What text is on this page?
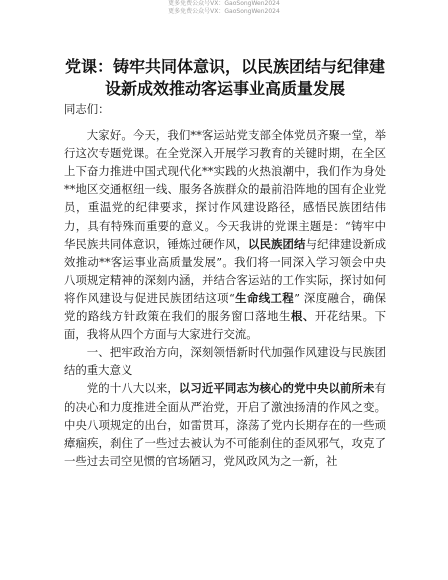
更多免费公众号VX：GaoSongWen2024
更多免费公众号VX：GaoSongWen2024
党课：铸牢共同体意识，以民族团结与纪律建
设新成效推动客运事业高质量发展

同志们：

大家好。今天，我们**客运站党支部全体党员齐聚一堂，举行这次专题党课。在全党深入开展学习教育的关键时期，在全区上下奋力推进中国式现代化**实践的火热浪潮中，我们作为身处**地区交通枢纽一线、服务各族群众的最前沿阵地的国有企业党员，重温党的纪律要求，探讨作风建设路径，感悟民族团结伟力，具有特殊而重要的意义。今天我讲的党课主题是：“铸牢中华民族共同体意识，锤炼过硬作风，以民族团结与纪律建设新成效推动**客运事业高质量发展”。我们将一同深入学习领会中央八项规定精神的深刻内涵，并结合客运站的工作实际，探讨如何将作风建设与促进民族团结这项“生命线工程” 深度融合，确保党的路线方针政策在我们的服务窗口落地生根、开花结果。下面，我将从四个方面与大家进行交流。

一、把牢政治方向，深刻领悟新时代加强作风建设与民族团结的重大意义

党的十八大以来，以习近平同志为核心的党中央以前所未有的决心和力度推进全面从严治党，开启了激浊扬清的作风之变。中央八项规定的出台，如雷贯耳，涤荡了党内长期存在的一些顽瘴痼疾，刹住了一些过去被认为不可能刹住的歪风邪气，攻克了一些过去司空见惯的官场陋习，党风政风为之一新，社
